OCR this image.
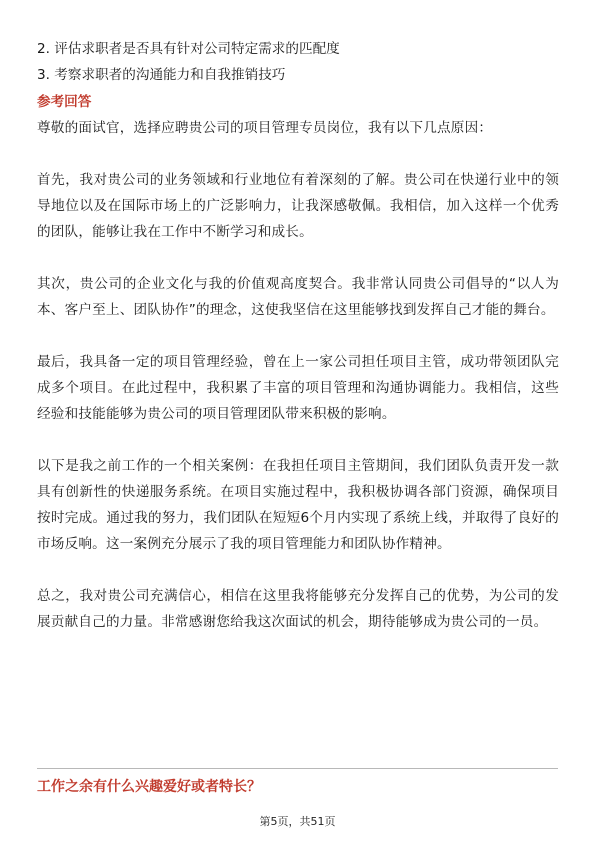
2. 评估求职者是否具有针对公司特定需求的匹配度
3. 考察求职者的沟通能力和自我推销技巧
参考回答

尊敬的面试官，选择应聘贵公司的项目管理专员岗位，我有以下几点原因：

首先，我对贵公司的业务领域和行业地位有着深刻的了解。贵公司在快递行业中的领导地位以及在国际市场上的广泛影响力，让我深感敬佩。我相信，加入这样一个优秀的团队，能够让我在工作中不断学习和成长。

其次，贵公司的企业文化与我的价值观高度契合。我非常认同贵公司倡导的“以人为本、客户至上、团队协作”的理念，这使我坚信在这里能够找到发挥自己才能的舞台。

最后，我具备一定的项目管理经验，曾在上一家公司担任项目主管，成功带领团队完成多个项目。在此过程中，我积累了丰富的项目管理和沟通协调能力。我相信，这些经验和技能能够为贵公司的项目管理团队带来积极的影响。

以下是我之前工作的一个相关案例：在我担任项目主管期间，我们团队负责开发一款具有创新性的快递服务系统。在项目实施过程中，我积极协调各部门资源，确保项目按时完成。通过我的努力，我们团队在短短6个月内实现了系统上线，并取得了良好的市场反响。这一案例充分展示了我的项目管理能力和团队协作精神。

总之，我对贵公司充满信心，相信在这里我将能够充分发挥自己的优势，为公司的发展贡献自己的力量。非常感谢您给我这次面试的机会，期待能够成为贵公司的一员。

工作之余有什么兴趣爱好或者特长？
第5页，共51页
